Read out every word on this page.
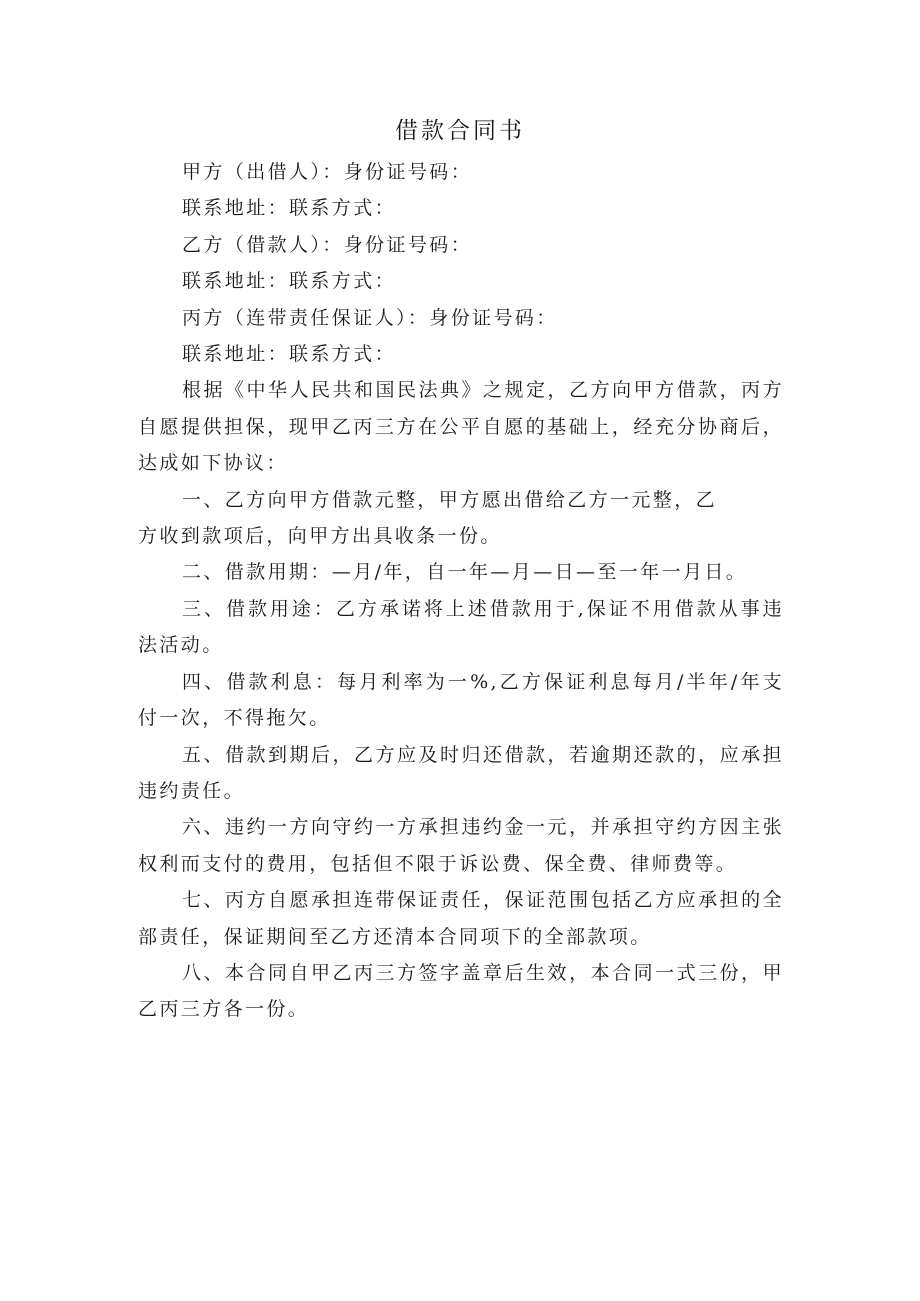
借款合同书

甲方（出借人）：身份证号码：

联系地址：联系方式：

乙方（借款人）：身份证号码：

联系地址：联系方式：

丙方（连带责任保证人）：身份证号码：

联系地址：联系方式：

根据《中华人民共和国民法典》之规定，乙方向甲方借款，丙方自愿提供担保，现甲乙丙三方在公平自愿的基础上，经充分协商后，达成如下协议：

一、乙方向甲方借款元整，甲方愿出借给乙方一元整，乙
方收到款项后，向甲方出具收条一份。

二、借款用期：—月/年，自一年—月—日—至一年一月日。

三、借款用途：乙方承诺将上述借款用于,保证不用借款从事违法活动。

四、借款利息：每月利率为一%,乙方保证利息每月/半年/年支付一次，不得拖欠。

五、借款到期后，乙方应及时归还借款，若逾期还款的，应承担违约责任。

六、违约一方向守约一方承担违约金一元，并承担守约方因主张权利而支付的费用，包括但不限于诉讼费、保全费、律师费等。

七、丙方自愿承担连带保证责任，保证范围包括乙方应承担的全部责任，保证期间至乙方还清本合同项下的全部款项。

八、本合同自甲乙丙三方签字盖章后生效，本合同一式三份，甲乙丙三方各一份。
